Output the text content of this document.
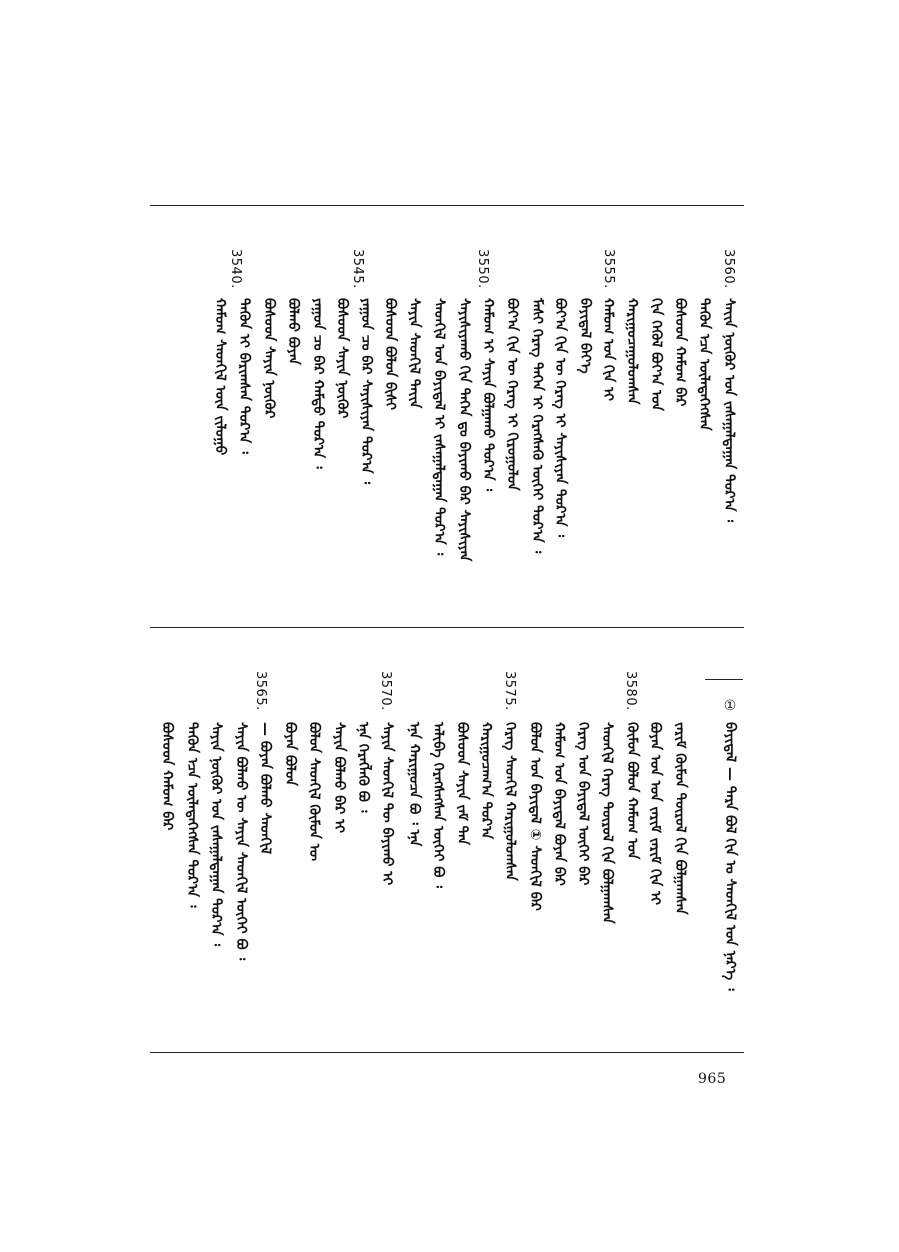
3560.
3555.
3550.
3545.
3540.
ᠰᠠᠶ᠋ᠢᠨ ᠨᠥᠬᠦᠷ ᠤᠨ ᠵᠠᠰᠠᠭ᠋ᠠᠯᠲᠠᠭᠠᠨ ᠳᠤᠷ᠎ᠠ ᠄
ᠲᠡᠭᠦᠨ ᠡᠴᠡ ᠦᠯᠡᠳᠡᠭᠡᠭᠰᠡᠨ
ᠪᠤᠰᠤᠳ ᠬᠠᠮᠤᠭ ᠪᠠᠷ
ᠬᠢᠨ ᠬᠡᠭᠦᠯ ᠪᠤᠶ᠎ᠠ ᠤᠨ
ᠬᠠᠷᠢᠭᠤᠴᠠᠭᠤᠯᠤᠭᠰᠠᠨ
ᠬᠠᠮᠤᠭ ᠤᠨ ᠬᠢᠨ ᠢ
ᠪᠠᠶᠢᠳᠠᠯ ᠪᠡᠶ᠎ᠡ
ᠪᠤᠶ᠎ᠠ ᠬᠢᠨ ᠦ ᠬᠡᠷᠡᠭ ᠢ ᠰᠠᠶᠢᠰᠢᠶᠠᠨ ᠳᠤᠷ᠎ᠠ ᠄
ᠮᠠᠰᠢ ᠬᠡᠷᠡᠭ ᠲᠡᠭᠡᠨ ᠢ ᠬᠡᠷᠡᠭᠰᠡᠬᠦ ᠦᠭᠡᠢ ᠳᠤᠷ᠎ᠠ ᠄
ᠪᠤᠶ᠎ᠠ ᠬᠢᠨ ᠦ ᠬᠡᠷᠡᠭ ᠢ ᠬᠢᠷᠤᠭᠤᠯᠤᠨ
ᠬᠠᠮᠤᠭ ᠢ ᠰᠠᠶᠢᠨ ᠪᠣᠯᠭᠠᠬᠤ ᠳᠤᠷ᠎ᠠ ᠄
ᠰᠠᠶᠢᠰᠢᠶᠠᠬᠤ ᠬᠢᠨ ᠲᠡᠭᠡᠨ ᠳᠤ ᠪᠠᠶᠢᠬᠤ ᠪᠠᠷ ᠰᠠᠶᠢᠰᠢᠶᠠᠨ
ᠰᠡᠳᠬᠢᠯ ᠤᠨ ᠪᠠᠶᠢᠳᠠᠯ ᠢ ᠵᠠᠰᠠᠭ᠋ᠠᠯᠲᠠᠭᠠᠨ ᠳᠤᠷ᠎ᠠ ᠄
ᠰᠠᠶᠢᠨ ᠰᠡᠳᠬᠢᠯ ᠲᠡᠶ᠋ᠢᠨ
ᠪᠤᠰᠤᠳ ᠪᠣᠯᠣᠨ ᠪᠢᠰᠢ
ᠶᠠᠭᠤᠨ ᠴᠤ ᠪᠠᠷ ᠰᠠᠶᠢᠰᠢᠶᠠᠨ ᠳᠤᠷ᠎ᠠ ᠄
ᠪᠤᠰᠤᠳ ᠰᠠᠶᠢᠨ ᠨᠥᠬᠦᠷ
ᠶᠠᠭᠤᠨ ᠴᠤ ᠪᠠᠷ ᠬᠠᠮᠲᠤ ᠳᠤᠷ᠎ᠠ ᠄
ᠪᠣᠯᠬᠤ ᠪᠤᠶᠠᠨ
ᠪᠤᠰᠤᠳ ᠰᠠᠶᠢᠨ ᠨᠥᠬᠦᠷ
ᠲᠡᠭᠦᠨ ᠢ ᠪᠠᠷᠢᠭᠰᠠᠨ ᠳᠤᠷ᠎ᠠ ᠄
ᠬᠠᠮᠤᠭ ᠰᠡᠳᠬᠢᠯ ᠦᠨ ᠵᠢᠯᠤᠭᠤ
①
ᠪᠠᠶᠢᠳᠠᠯ — ᠲᠡᠷᠡ ᠪᠣᠯ ᠬᠢᠨ ᠤ ᠰᠡᠳᠬᠢᠯ ᠤᠨ ᠨᠡᠷ᠎ᠡ ᠄
3580.
3575.
3570.
3565.
ᠵᠠᠷᠢᠮ ᠬᠦᠮᠦᠨ ᠲᠦᠷᠦᠯ ᠬᠢᠨ ᠪᠣᠯᠭᠠᠭᠰᠠᠨ
ᠪᠤᠶᠠᠨ ᠤᠨ ᠤᠨ ᠵᠠᠷᠢᠮ ᠵᠠᠷᠢᠮ ᠬᠢᠨ ᠢ
ᠬᠦᠮᠦᠨ ᠪᠣᠯᠤᠨ ᠬᠠᠮᠤᠭ ᠤᠨ
ᠰᠡᠳᠬᠢᠯ ᠬᠡᠷᠡᠭ ᠲᠦᠷᠦᠯ ᠬᠢᠨ ᠪᠣᠯᠭᠠᠭᠰᠠᠨ
ᠬᠡᠷᠡᠭ ᠤᠨ ᠪᠠᠶᠢᠳᠠᠯ ᠦᠭᠡᠢ ᠪᠠᠷ
ᠬᠠᠮᠤᠭ ᠤᠨ ᠪᠠᠶᠢᠳᠠᠯ ᠪᠤᠶᠠᠨ ᠪᠠᠷ
ᠪᠣᠯᠤᠨ ᠤᠨ ᠪᠠᠶᠢᠳᠠᠯ ① ᠰᠡᠳᠬᠢᠯ ᠪᠠᠷ
ᠬᠡᠷᠡᠭ ᠰᠡᠳᠬᠢᠯ ᠬᠠᠷᠢᠭᠤᠯᠤᠭᠰᠠᠨ
ᠬᠠᠷᠢᠭᠤᠴᠠᠭ᠎ᠠ ᠳᠤᠷ᠎ᠠ
ᠪᠤᠰᠤᠳ ᠰᠠᠶᠢᠨ ᠵᠠᠮ ᠲᠠᠨ
ᠠᠯᠢᠪᠠ ᠬᠡᠷᠡᠭᠰᠡᠭᠰᠡᠨ ᠦᠭᠡᠢ ᠪᠣ ᠄
ᠡᠨᠡ ᠬᠠᠷᠢᠭᠤᠴᠠ ᠪᠣ ᠄ ᠡᠨᠡ
ᠰᠠᠶᠢᠨ ᠰᠡᠳᠬᠢᠯ ᠲᠦ ᠪᠠᠶᠢᠬᠤ ᠢ
ᠡᠨᠡ ᠬᠡᠷᠡᠭᠯᠡᠬᠦ ᠪᠣ ᠄
ᠰᠠᠶᠢᠨ ᠪᠣᠯᠬᠤ ᠪᠠᠷ ᠢ
ᠪᠣᠯᠣᠨ ᠰᠡᠳᠬᠢᠯ ᠬᠦᠮᠦᠨ ᠦ
ᠪᠤᠶᠠᠨ ᠪᠣᠯᠣᠨ
— ᠪᠤᠶᠠᠨ ᠪᠣᠯᠬᠤ ᠰᠡᠳᠬᠢᠯ
ᠰᠠᠶᠢᠨ ᠪᠣᠯᠬᠤ ᠦ ᠰᠠᠶᠢᠨ ᠰᠡᠳᠬᠢᠯ ᠦᠭᠡᠢ ᠪᠣ ᠄
ᠰᠠᠶᠢᠨ ᠨᠥᠬᠦᠷ ᠤᠨ ᠵᠠᠰᠠᠭ᠋ᠠᠯᠲᠠᠭᠠᠨ ᠳᠤᠷ᠎ᠠ ᠄
ᠲᠡᠭᠦᠨ ᠡᠴᠡ ᠦᠯᠡᠳᠡᠭᠡᠭᠰᠡᠨ ᠳᠤᠷ᠎ᠠ ᠄
ᠪᠤᠰᠤᠳ ᠬᠠᠮᠤᠭ ᠪᠠᠷ
965
